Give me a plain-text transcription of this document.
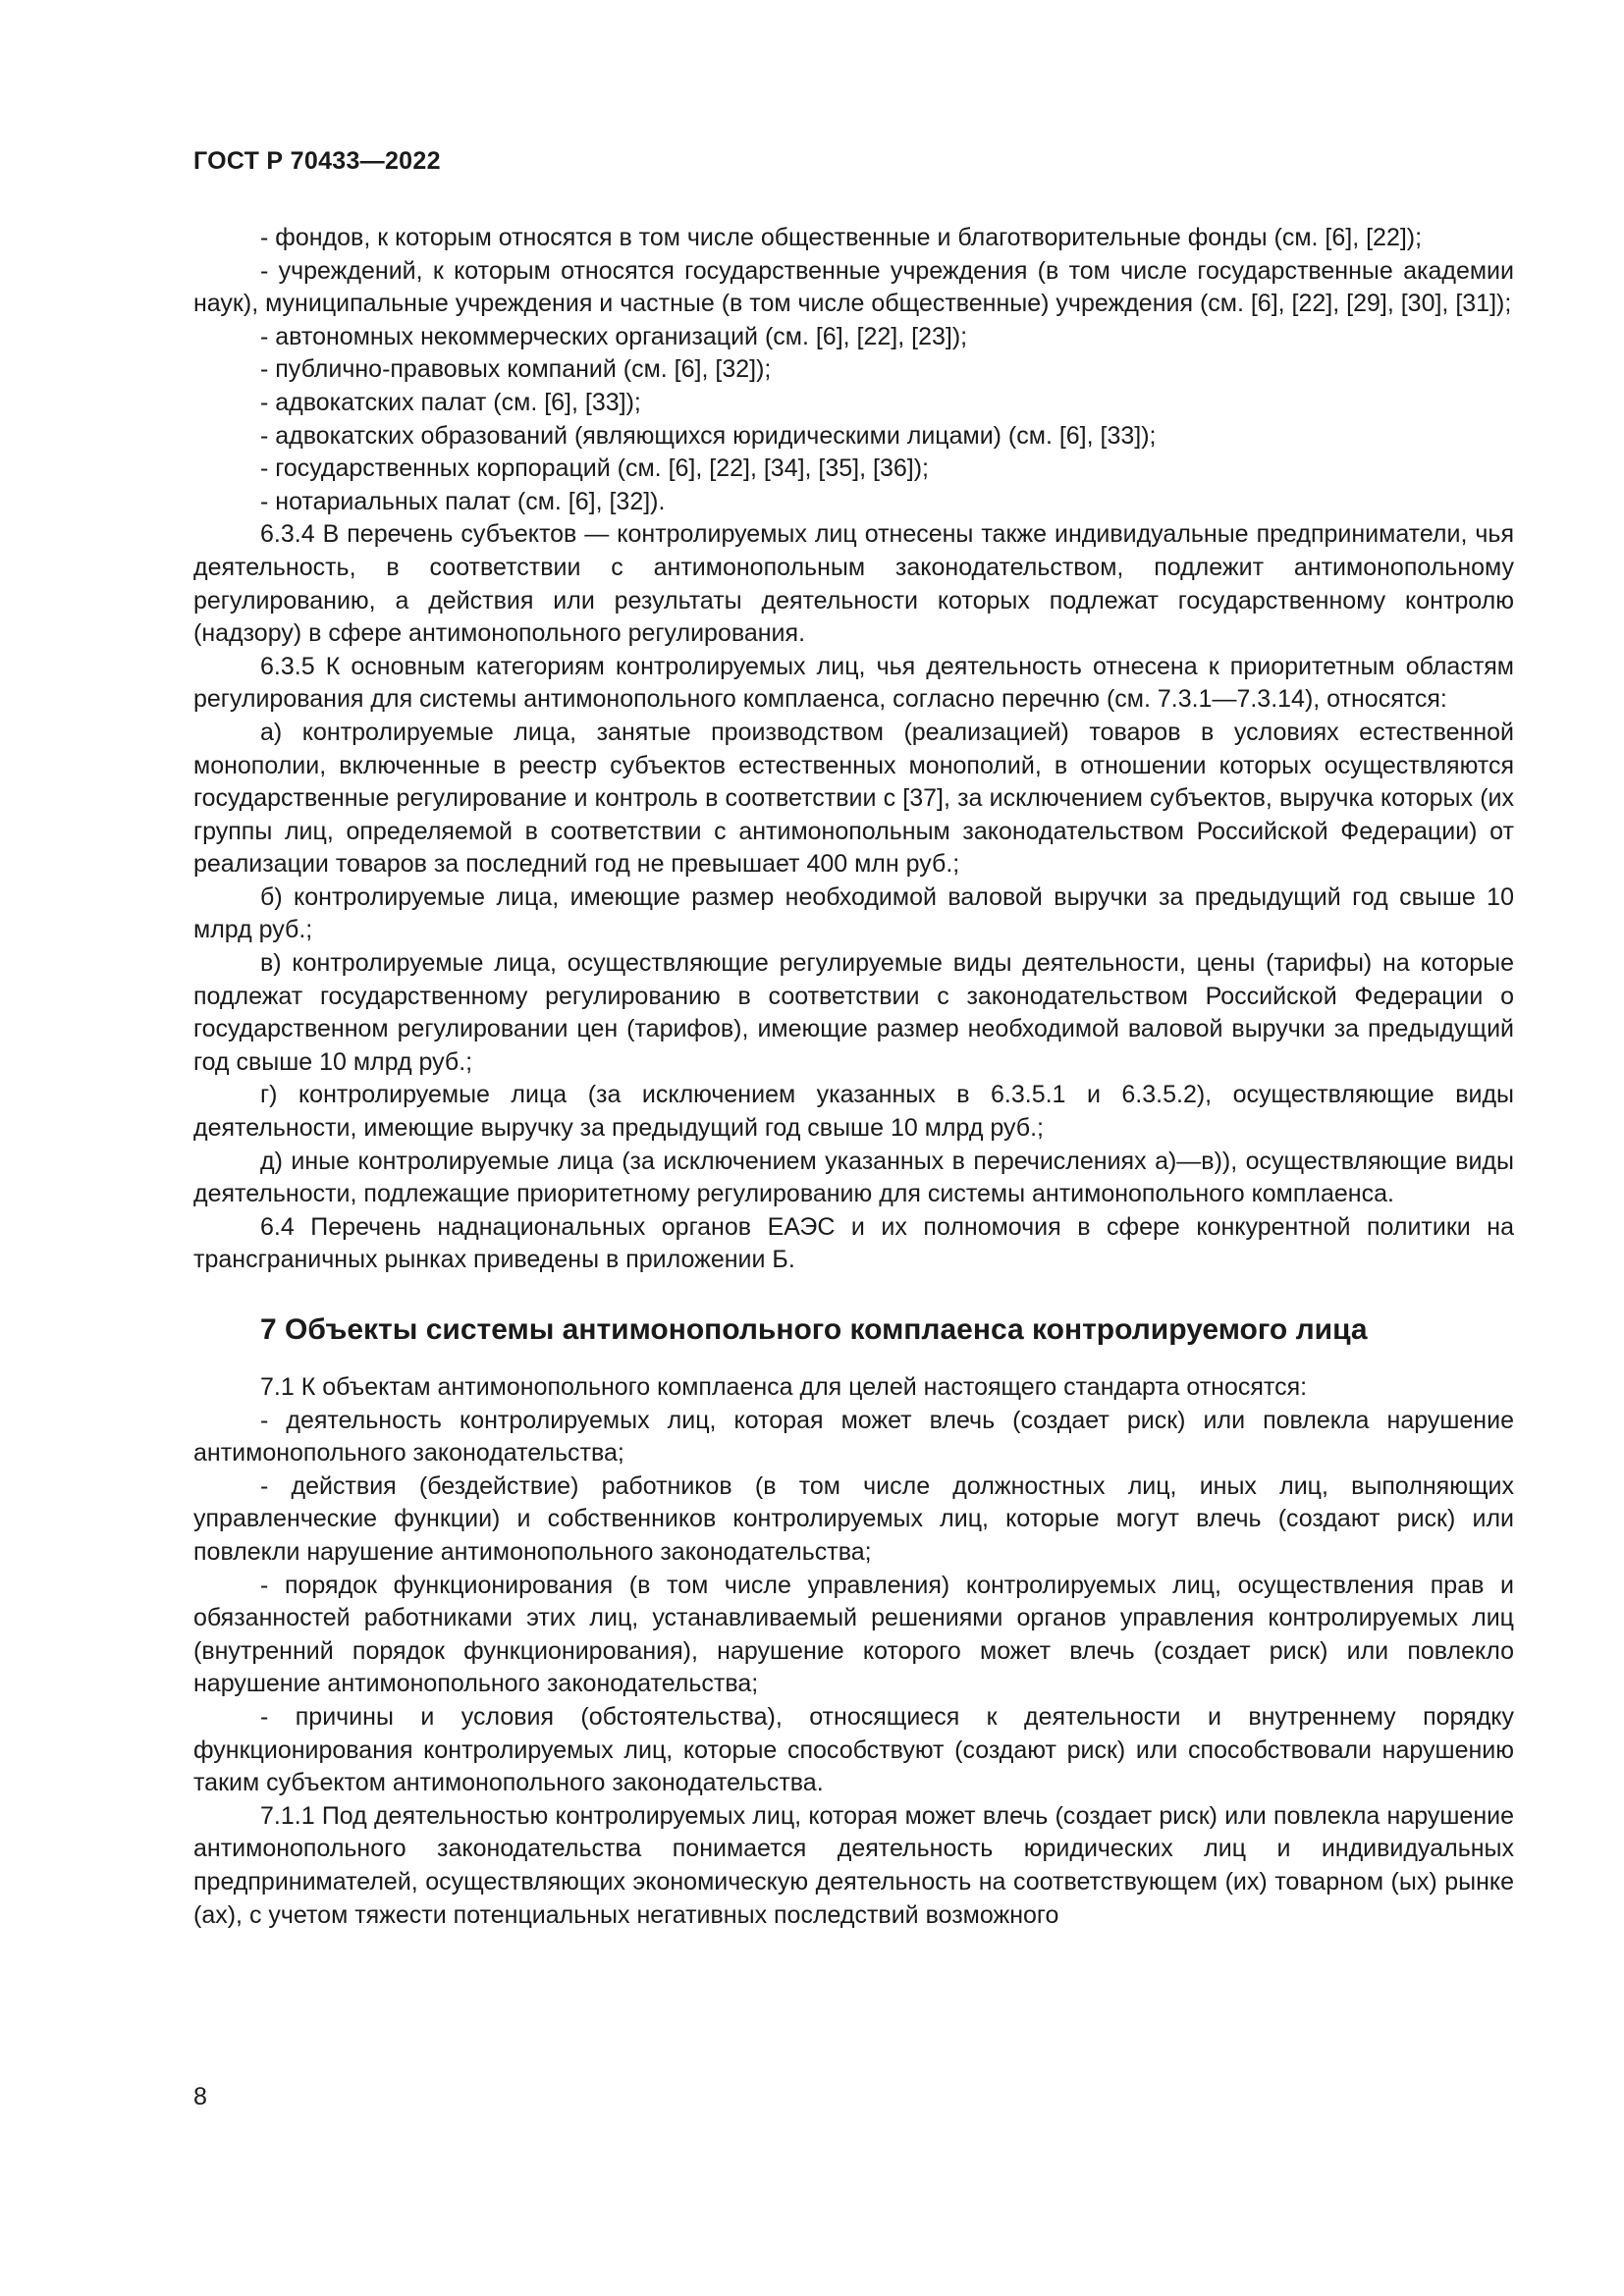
ГОСТ Р 70433—2022

- фондов, к которым относятся в том числе общественные и благотворительные фонды (см. [6], [22]);

- учреждений, к которым относятся государственные учреждения (в том числе государственные академии наук), муниципальные учреждения и частные (в том числе общественные) учреждения (см. [6], [22], [29], [30], [31]);

- автономных некоммерческих организаций (см. [6], [22], [23]);

- публично-правовых компаний (см. [6], [32]);

- адвокатских палат (см. [6], [33]);

- адвокатских образований (являющихся юридическими лицами) (см. [6], [33]);

- государственных корпораций (см. [6], [22], [34], [35], [36]);

- нотариальных палат (см. [6], [32]).

6.3.4 В перечень субъектов — контролируемых лиц отнесены также индивидуальные предприниматели, чья деятельность, в соответствии с антимонопольным законодательством, подлежит антимонопольному регулированию, а действия или результаты деятельности которых подлежат государственному контролю (надзору) в сфере антимонопольного регулирования.

6.3.5 К основным категориям контролируемых лиц, чья деятельность отнесена к приоритетным областям регулирования для системы антимонопольного комплаенса, согласно перечню (см. 7.3.1—7.3.14), относятся:

а) контролируемые лица, занятые производством (реализацией) товаров в условиях естественной монополии, включенные в реестр субъектов естественных монополий, в отношении которых осуществляются государственные регулирование и контроль в соответствии с [37], за исключением субъектов, выручка которых (их группы лиц, определяемой в соответствии с антимонопольным законодательством Российской Федерации) от реализации товаров за последний год не превышает 400 млн руб.;

б) контролируемые лица, имеющие размер необходимой валовой выручки за предыдущий год свыше 10 млрд руб.;

в) контролируемые лица, осуществляющие регулируемые виды деятельности, цены (тарифы) на которые подлежат государственному регулированию в соответствии с законодательством Российской Федерации о государственном регулировании цен (тарифов), имеющие размер необходимой валовой выручки за предыдущий год свыше 10 млрд руб.;

г) контролируемые лица (за исключением указанных в 6.3.5.1 и 6.3.5.2), осуществляющие виды деятельности, имеющие выручку за предыдущий год свыше 10 млрд руб.;

д) иные контролируемые лица (за исключением указанных в перечислениях а)—в)), осуществляющие виды деятельности, подлежащие приоритетному регулированию для системы антимонопольного комплаенса.

6.4 Перечень наднациональных органов ЕАЭС и их полномочия в сфере конкурентной политики на трансграничных рынках приведены в приложении Б.

7 Объекты системы антимонопольного комплаенса контролируемого лица

7.1 К объектам антимонопольного комплаенса для целей настоящего стандарта относятся:

- деятельность контролируемых лиц, которая может влечь (создает риск) или повлекла нарушение антимонопольного законодательства;

- действия (бездействие) работников (в том числе должностных лиц, иных лиц, выполняющих управленческие функции) и собственников контролируемых лиц, которые могут влечь (создают риск) или повлекли нарушение антимонопольного законодательства;

- порядок функционирования (в том числе управления) контролируемых лиц, осуществления прав и обязанностей работниками этих лиц, устанавливаемый решениями органов управления контролируемых лиц (внутренний порядок функционирования), нарушение которого может влечь (создает риск) или повлекло нарушение антимонопольного законодательства;

- причины и условия (обстоятельства), относящиеся к деятельности и внутреннему порядку функционирования контролируемых лиц, которые способствуют (создают риск) или способствовали нарушению таким субъектом антимонопольного законодательства.

7.1.1 Под деятельностью контролируемых лиц, которая может влечь (создает риск) или повлекла нарушение антимонопольного законодательства понимается деятельность юридических лиц и индивидуальных предпринимателей, осуществляющих экономическую деятельность на соответствующем (их) товарном (ых) рынке (ах), с учетом тяжести потенциальных негативных последствий возможного

8
